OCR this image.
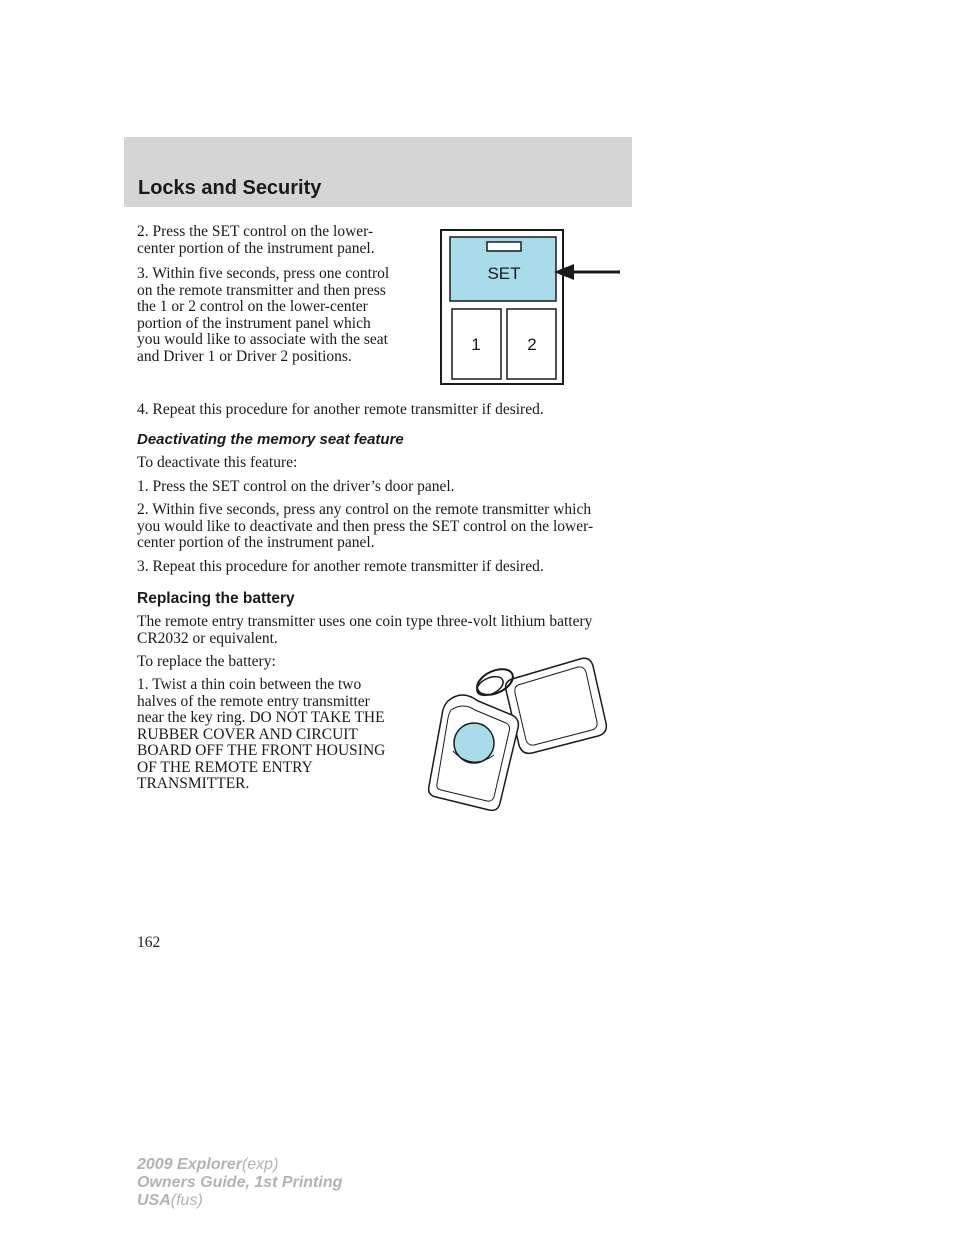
Locks and Security

2. Press the SET control on the lower-center portion of the instrument panel.

3. Within five seconds, press one control on the remote transmitter and then press the 1 or 2 control on the lower-center portion of the instrument panel which you would like to associate with the seat and Driver 1 or Driver 2 positions.

SET
1	2

4. Repeat this procedure for another remote transmitter if desired.

Deactivating the memory seat feature

To deactivate this feature:

1. Press the SET control on the driver’s door panel.

2. Within five seconds, press any control on the remote transmitter which you would like to deactivate and then press the SET control on the lower-center portion of the instrument panel.

3. Repeat this procedure for another remote transmitter if desired.

Replacing the battery

The remote entry transmitter uses one coin type three-volt lithium battery CR2032 or equivalent.

To replace the battery:

1. Twist a thin coin between the two halves of the remote entry transmitter near the key ring. DO NOT TAKE THE RUBBER COVER AND CIRCUIT BOARD OFF THE FRONT HOUSING OF THE REMOTE ENTRY TRANSMITTER.

162
2009 Explorer(exp)
Owners Guide, 1st Printing
USA(fus)
